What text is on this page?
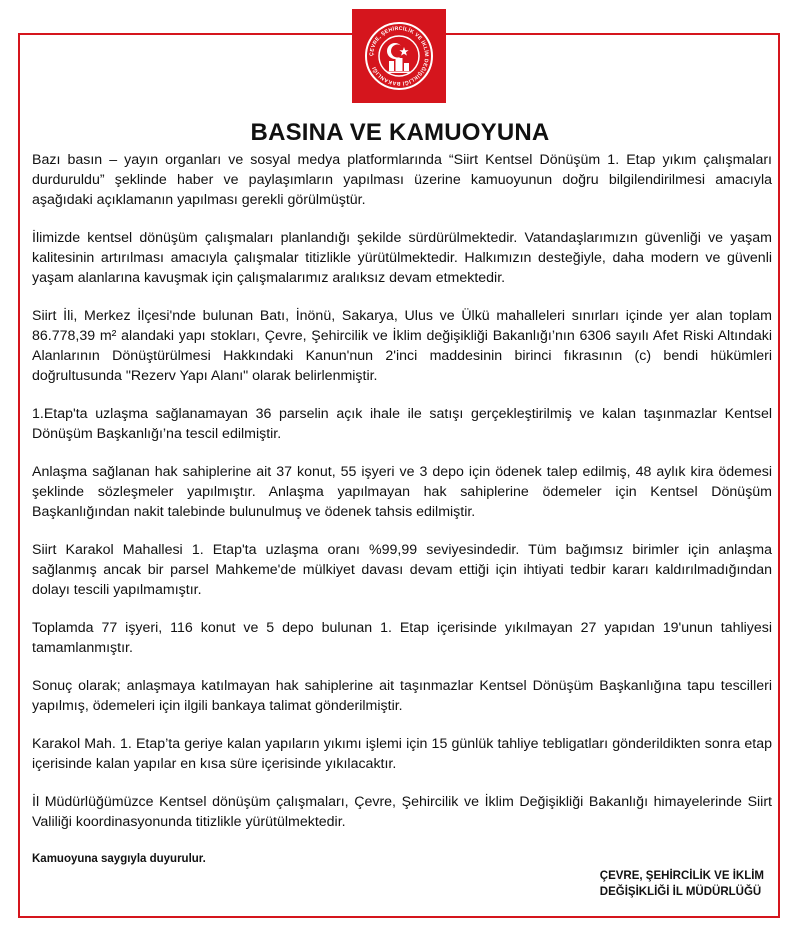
ÇEVRE, ŞEHİRCİLİK VE İKLİM DEĞİŞİKLİĞİ BAKANLIĞI
BASINA VE KAMUOYUNA

Bazı basın – yayın organları ve sosyal medya platformlarında “Siirt Kentsel Dönüşüm 1. Etap yıkım çalışmaları durduruldu” şeklinde haber ve paylaşımların yapılması üzerine kamuoyunun doğru bilgilendirilmesi amacıyla aşağıdaki açıklamanın yapılması gerekli görülmüştür.

İlimizde kentsel dönüşüm çalışmaları planlandığı şekilde sürdürülmektedir. Vatandaşlarımızın güvenliği ve yaşam kalitesinin artırılması amacıyla çalışmalar titizlikle yürütülmektedir. Halkımızın desteğiyle, daha modern ve güvenli yaşam alanlarına kavuşmak için çalışmalarımız aralıksız devam etmektedir.

Siirt İli, Merkez İlçesi'nde bulunan Batı, İnönü, Sakarya, Ulus ve Ülkü mahalleleri sınırları içinde yer alan toplam 86.778,39 m² alandaki yapı stokları, Çevre, Şehircilik ve İklim değişikliği Bakanlığı’nın 6306 sayılı Afet Riski Altındaki Alanlarının Dönüştürülmesi Hakkındaki Kanun'nun 2'inci maddesinin birinci fıkrasının (c) bendi hükümleri doğrultusunda "Rezerv Yapı Alanı" olarak belirlenmiştir.

1.Etap'ta uzlaşma sağlanamayan 36 parselin açık ihale ile satışı gerçekleştirilmiş ve kalan taşınmazlar Kentsel Dönüşüm Başkanlığı’na tescil edilmiştir.

Anlaşma sağlanan hak sahiplerine ait 37 konut, 55 işyeri ve 3 depo için ödenek talep edilmiş, 48 aylık kira ödemesi şeklinde sözleşmeler yapılmıştır. Anlaşma yapılmayan hak sahiplerine ödemeler için Kentsel Dönüşüm Başkanlığından nakit talebinde bulunulmuş ve ödenek tahsis edilmiştir.

Siirt Karakol Mahallesi 1. Etap'ta uzlaşma oranı %99,99 seviyesindedir. Tüm bağımsız birimler için anlaşma sağlanmış ancak bir parsel Mahkeme'de mülkiyet davası devam ettiği için ihtiyati tedbir kararı kaldırılmadığından dolayı tescili yapılmamıştır.

Toplamda 77 işyeri, 116 konut ve 5 depo bulunan 1. Etap içerisinde yıkılmayan 27 yapıdan 19'unun tahliyesi tamamlanmıştır.

Sonuç olarak; anlaşmaya katılmayan hak sahiplerine ait taşınmazlar Kentsel Dönüşüm Başkanlığına tapu tescilleri yapılmış, ödemeleri için ilgili bankaya talimat gönderilmiştir.

Karakol Mah. 1. Etap’ta geriye kalan yapıların yıkımı işlemi için 15 günlük tahliye tebligatları gönderildikten sonra etap içerisinde kalan yapılar en kısa süre içerisinde yıkılacaktır.

İl Müdürlüğümüzce Kentsel dönüşüm çalışmaları, Çevre, Şehircilik ve İklim Değişikliği Bakanlığı himayelerinde Siirt Valiliği koordinasyonunda titizlikle yürütülmektedir.

Kamuoyuna saygıyla duyurulur.
ÇEVRE, ŞEHİRCİLİK VE İKLİM
DEĞİŞİKLİĞİ İL MÜDÜRLÜĞÜ
